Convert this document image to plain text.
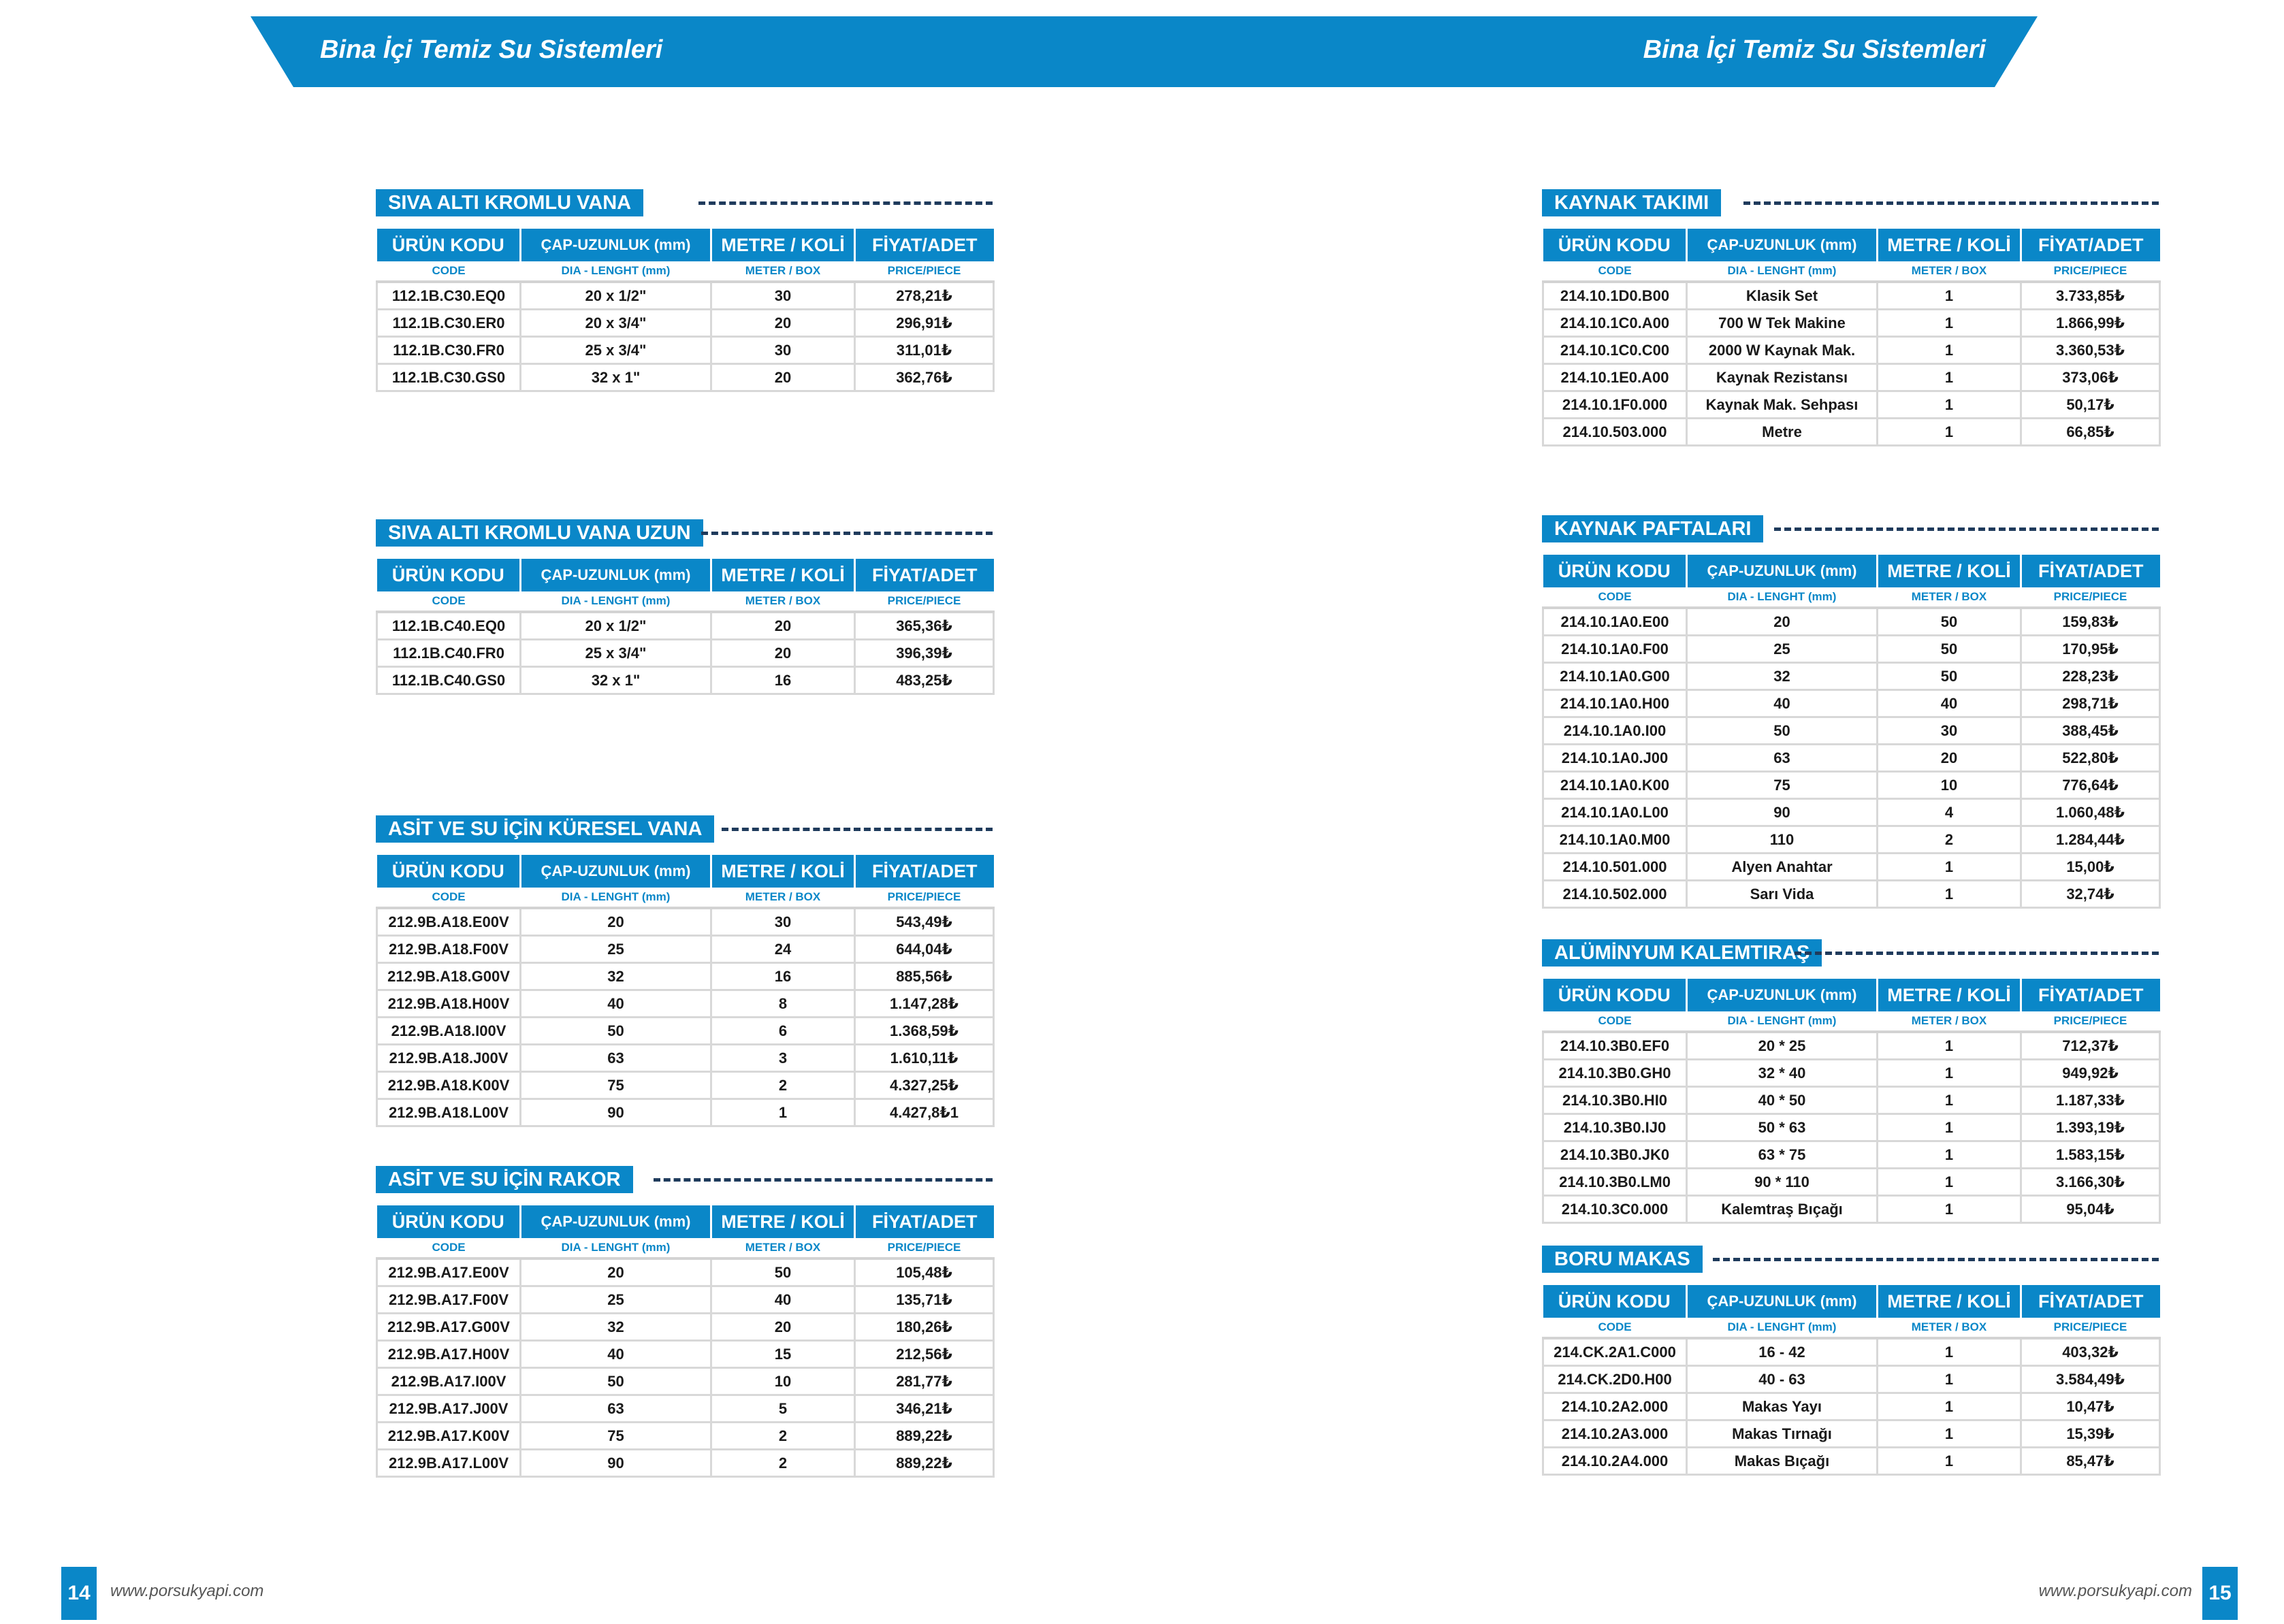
Bina İçi Temiz Su Sistemleri	Bina İçi Temiz Su Sistemleri
SIVA ALTI KROMLU VANA
ÜRÜN KODU	ÇAP-UZUNLUK (mm)	METRE / KOLİ	FİYAT/ADET
CODE	DIA - LENGHT (mm)	METER / BOX	PRICE/PIECE
112.1B.C30.EQ0	20 x 1/2"	30	278,21₺
112.1B.C30.ER0	20 x 3/4"	20	296,91₺
112.1B.C30.FR0	25 x 3/4"	30	311,01₺
112.1B.C30.GS0	32 x 1"	20	362,76₺
SIVA ALTI KROMLU VANA UZUN
ÜRÜN KODU	ÇAP-UZUNLUK (mm)	METRE / KOLİ	FİYAT/ADET
CODE	DIA - LENGHT (mm)	METER / BOX	PRICE/PIECE
112.1B.C40.EQ0	20 x 1/2"	20	365,36₺
112.1B.C40.FR0	25 x 3/4"	20	396,39₺
112.1B.C40.GS0	32 x 1"	16	483,25₺
ASİT VE SU İÇİN KÜRESEL VANA
ÜRÜN KODU	ÇAP-UZUNLUK (mm)	METRE / KOLİ	FİYAT/ADET
CODE	DIA - LENGHT (mm)	METER / BOX	PRICE/PIECE
212.9B.A18.E00V	20	30	543,49₺
212.9B.A18.F00V	25	24	644,04₺
212.9B.A18.G00V	32	16	885,56₺
212.9B.A18.H00V	40	8	1.147,28₺
212.9B.A18.I00V	50	6	1.368,59₺
212.9B.A18.J00V	63	3	1.610,11₺
212.9B.A18.K00V	75	2	4.327,25₺
212.9B.A18.L00V	90	1	4.427,8₺1
ASİT VE SU İÇİN RAKOR
ÜRÜN KODU	ÇAP-UZUNLUK (mm)	METRE / KOLİ	FİYAT/ADET
CODE	DIA - LENGHT (mm)	METER / BOX	PRICE/PIECE
212.9B.A17.E00V	20	50	105,48₺
212.9B.A17.F00V	25	40	135,71₺
212.9B.A17.G00V	32	20	180,26₺
212.9B.A17.H00V	40	15	212,56₺
212.9B.A17.I00V	50	10	281,77₺
212.9B.A17.J00V	63	5	346,21₺
212.9B.A17.K00V	75	2	889,22₺
212.9B.A17.L00V	90	2	889,22₺
KAYNAK TAKIMI
ÜRÜN KODU	ÇAP-UZUNLUK (mm)	METRE / KOLİ	FİYAT/ADET
CODE	DIA - LENGHT (mm)	METER / BOX	PRICE/PIECE
214.10.1D0.B00	Klasik Set	1	3.733,85₺
214.10.1C0.A00	700 W Tek Makine	1	1.866,99₺
214.10.1C0.C00	2000 W Kaynak Mak.	1	3.360,53₺
214.10.1E0.A00	Kaynak Rezistansı	1	373,06₺
214.10.1F0.000	Kaynak Mak. Sehpası	1	50,17₺
214.10.503.000	Metre	1	66,85₺
KAYNAK PAFTALARI
ÜRÜN KODU	ÇAP-UZUNLUK (mm)	METRE / KOLİ	FİYAT/ADET
CODE	DIA - LENGHT (mm)	METER / BOX	PRICE/PIECE
214.10.1A0.E00	20	50	159,83₺
214.10.1A0.F00	25	50	170,95₺
214.10.1A0.G00	32	50	228,23₺
214.10.1A0.H00	40	40	298,71₺
214.10.1A0.I00	50	30	388,45₺
214.10.1A0.J00	63	20	522,80₺
214.10.1A0.K00	75	10	776,64₺
214.10.1A0.L00	90	4	1.060,48₺
214.10.1A0.M00	110	2	1.284,44₺
214.10.501.000	Alyen Anahtar	1	15,00₺
214.10.502.000	Sarı Vida	1	32,74₺
ALÜMİNYUM KALEMTIRAŞ
ÜRÜN KODU	ÇAP-UZUNLUK (mm)	METRE / KOLİ	FİYAT/ADET
CODE	DIA - LENGHT (mm)	METER / BOX	PRICE/PIECE
214.10.3B0.EF0	20 * 25	1	712,37₺
214.10.3B0.GH0	32 * 40	1	949,92₺
214.10.3B0.HI0	40 * 50	1	1.187,33₺
214.10.3B0.IJ0	50 * 63	1	1.393,19₺
214.10.3B0.JK0	63 * 75	1	1.583,15₺
214.10.3B0.LM0	90 * 110	1	3.166,30₺
214.10.3C0.000	Kalemtraş Bıçağı	1	95,04₺
BORU MAKAS
ÜRÜN KODU	ÇAP-UZUNLUK (mm)	METRE / KOLİ	FİYAT/ADET
CODE	DIA - LENGHT (mm)	METER / BOX	PRICE/PIECE
214.CK.2A1.C000	16 - 42	1	403,32₺
214.CK.2D0.H00	40 - 63	1	3.584,49₺
214.10.2A2.000	Makas Yayı	1	10,47₺
214.10.2A3.000	Makas Tırnağı	1	15,39₺
214.10.2A4.000	Makas Bıçağı	1	85,47₺
14	www.porsukyapi.com	15
www.porsukyapi.com
